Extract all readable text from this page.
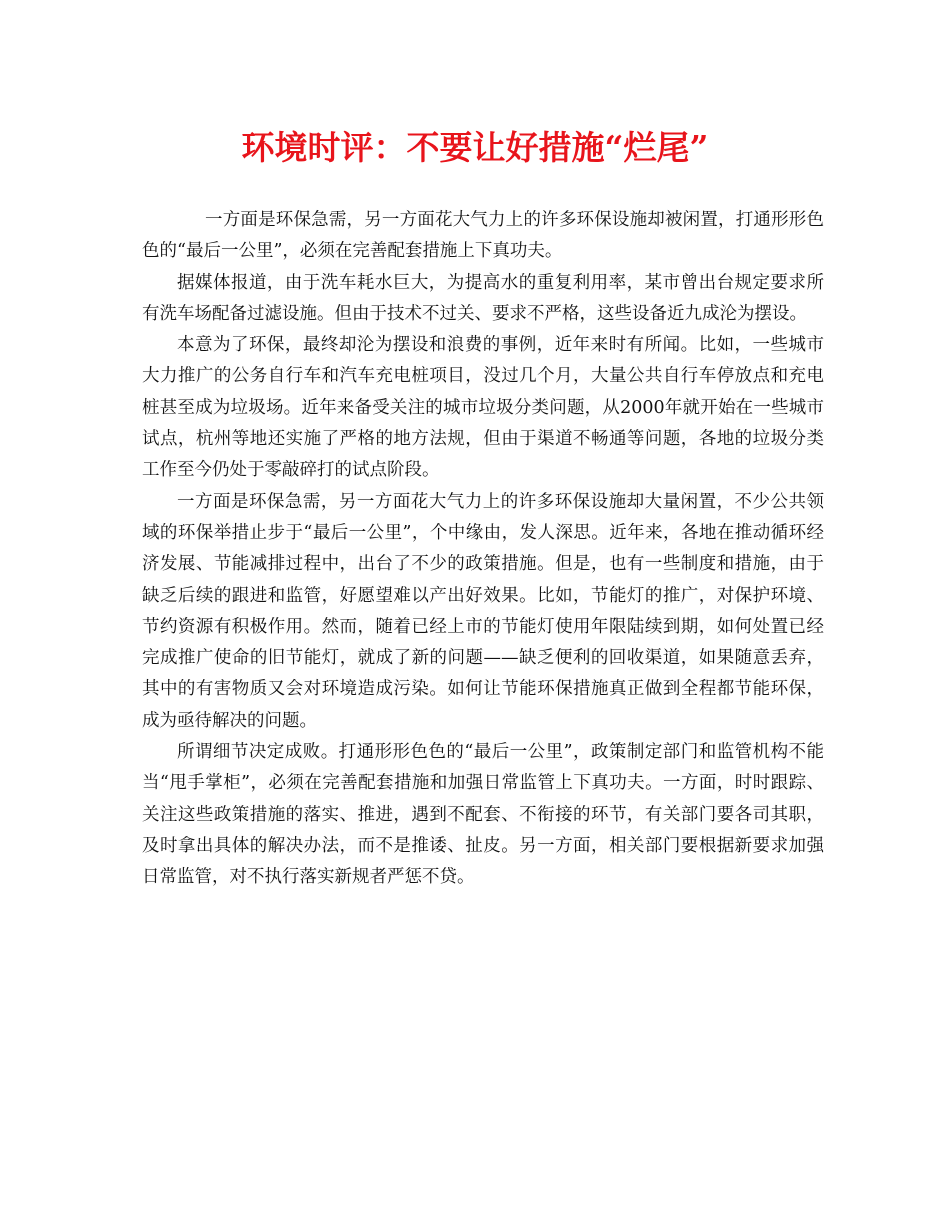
环境时评：不要让好措施“烂尾”

一方面是环保急需，另一方面花大气力上的许多环保设施却被闲置，打通形形色色的“最后一公里”，必须在完善配套措施上下真功夫。

据媒体报道，由于洗车耗水巨大，为提高水的重复利用率，某市曾出台规定要求所有洗车场配备过滤设施。但由于技术不过关、要求不严格，这些设备近九成沦为摆设。

本意为了环保，最终却沦为摆设和浪费的事例，近年来时有所闻。比如，一些城市大力推广的公务自行车和汽车充电桩项目，没过几个月，大量公共自行车停放点和充电桩甚至成为垃圾场。近年来备受关注的城市垃圾分类问题，从2000年就开始在一些城市试点，杭州等地还实施了严格的地方法规，但由于渠道不畅通等问题，各地的垃圾分类工作至今仍处于零敲碎打的试点阶段。

一方面是环保急需，另一方面花大气力上的许多环保设施却大量闲置，不少公共领域的环保举措止步于“最后一公里”，个中缘由，发人深思。近年来，各地在推动循环经济发展、节能减排过程中，出台了不少的政策措施。但是，也有一些制度和措施，由于缺乏后续的跟进和监管，好愿望难以产出好效果。比如，节能灯的推广，对保护环境、节约资源有积极作用。然而，随着已经上市的节能灯使用年限陆续到期，如何处置已经完成推广使命的旧节能灯，就成了新的问题——缺乏便利的回收渠道，如果随意丢弃，其中的有害物质又会对环境造成污染。如何让节能环保措施真正做到全程都节能环保，成为亟待解决的问题。

所谓细节决定成败。打通形形色色的“最后一公里”，政策制定部门和监管机构不能当“甩手掌柜”，必须在完善配套措施和加强日常监管上下真功夫。一方面，时时跟踪、关注这些政策措施的落实、推进，遇到不配套、不衔接的环节，有关部门要各司其职，及时拿出具体的解决办法，而不是推诿、扯皮。另一方面，相关部门要根据新要求加强日常监管，对不执行落实新规者严惩不贷。
